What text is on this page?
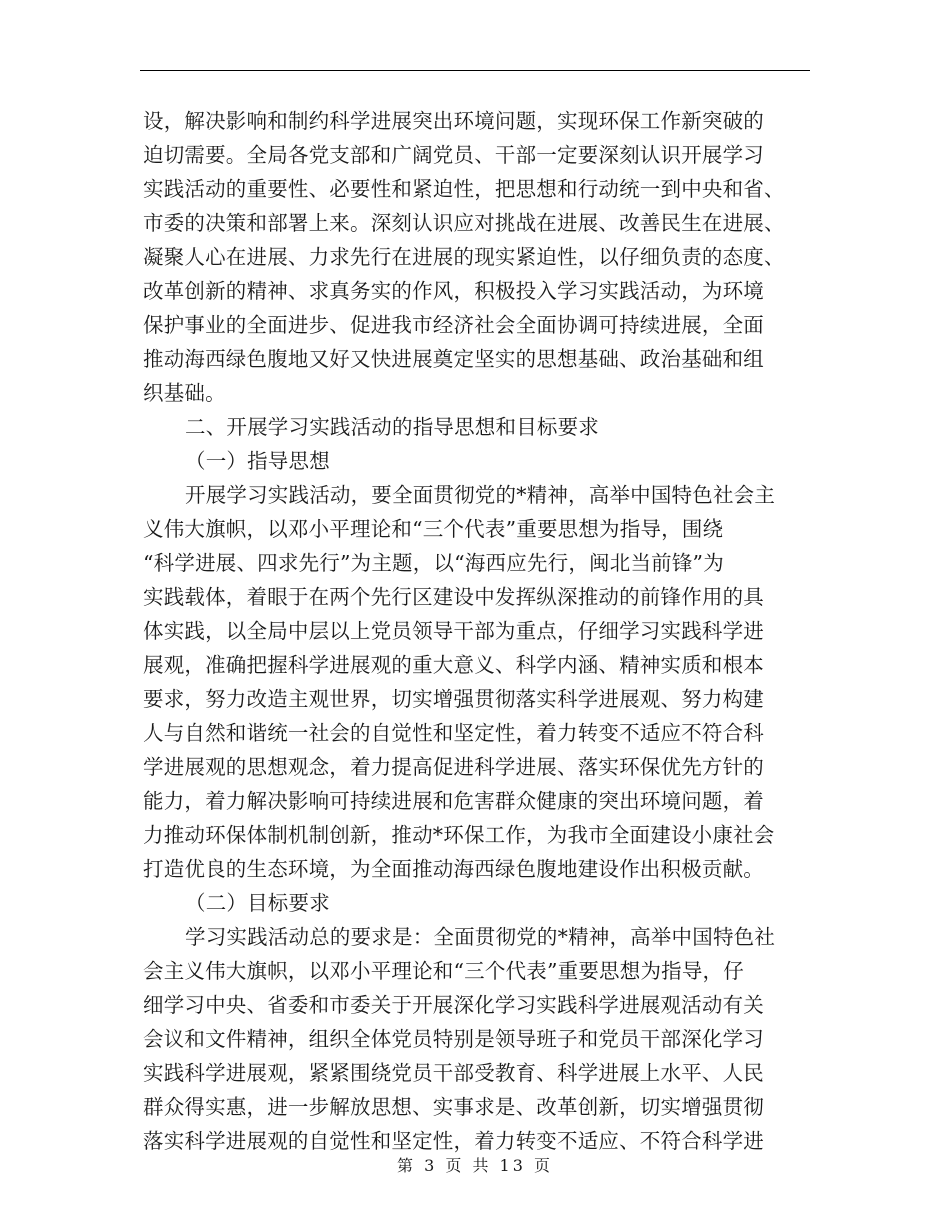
设，解决影响和制约科学进展突出环境问题，实现环保工作新突破的
迫切需要。全局各党支部和广阔党员、干部一定要深刻认识开展学习
实践活动的重要性、必要性和紧迫性，把思想和行动统一到中央和省、
市委的决策和部署上来。深刻认识应对挑战在进展、改善民生在进展、
凝聚人心在进展、力求先行在进展的现实紧迫性，以仔细负责的态度、
改革创新的精神、求真务实的作风，积极投入学习实践活动，为环境
保护事业的全面进步、促进我市经济社会全面协调可持续进展，全面
推动海西绿色腹地又好又快进展奠定坚实的思想基础、政治基础和组
织基础。
二、开展学习实践活动的指导思想和目标要求
（一）指导思想
开展学习实践活动，要全面贯彻党的*精神，高举中国特色社会主
义伟大旗帜，以邓小平理论和“三个代表”重要思想为指导，围绕
“科学进展、四求先行”为主题，以“海西应先行，闽北当前锋”为
实践载体，着眼于在两个先行区建设中发挥纵深推动的前锋作用的具
体实践，以全局中层以上党员领导干部为重点，仔细学习实践科学进
展观，准确把握科学进展观的重大意义、科学内涵、精神实质和根本
要求，努力改造主观世界，切实增强贯彻落实科学进展观、努力构建
人与自然和谐统一社会的自觉性和坚定性，着力转变不适应不符合科
学进展观的思想观念，着力提高促进科学进展、落实环保优先方针的
能力，着力解决影响可持续进展和危害群众健康的突出环境问题，着
力推动环保体制机制创新，推动*环保工作，为我市全面建设小康社会
打造优良的生态环境，为全面推动海西绿色腹地建设作出积极贡献。
（二）目标要求
学习实践活动总的要求是：全面贯彻党的*精神，高举中国特色社
会主义伟大旗帜，以邓小平理论和“三个代表”重要思想为指导，仔
细学习中央、省委和市委关于开展深化学习实践科学进展观活动有关
会议和文件精神，组织全体党员特别是领导班子和党员干部深化学习
实践科学进展观，紧紧围绕党员干部受教育、科学进展上水平、人民
群众得实惠，进一步解放思想、实事求是、改革创新，切实增强贯彻
落实科学进展观的自觉性和坚定性，着力转变不适应、不符合科学进
第 3 页 共 13 页
